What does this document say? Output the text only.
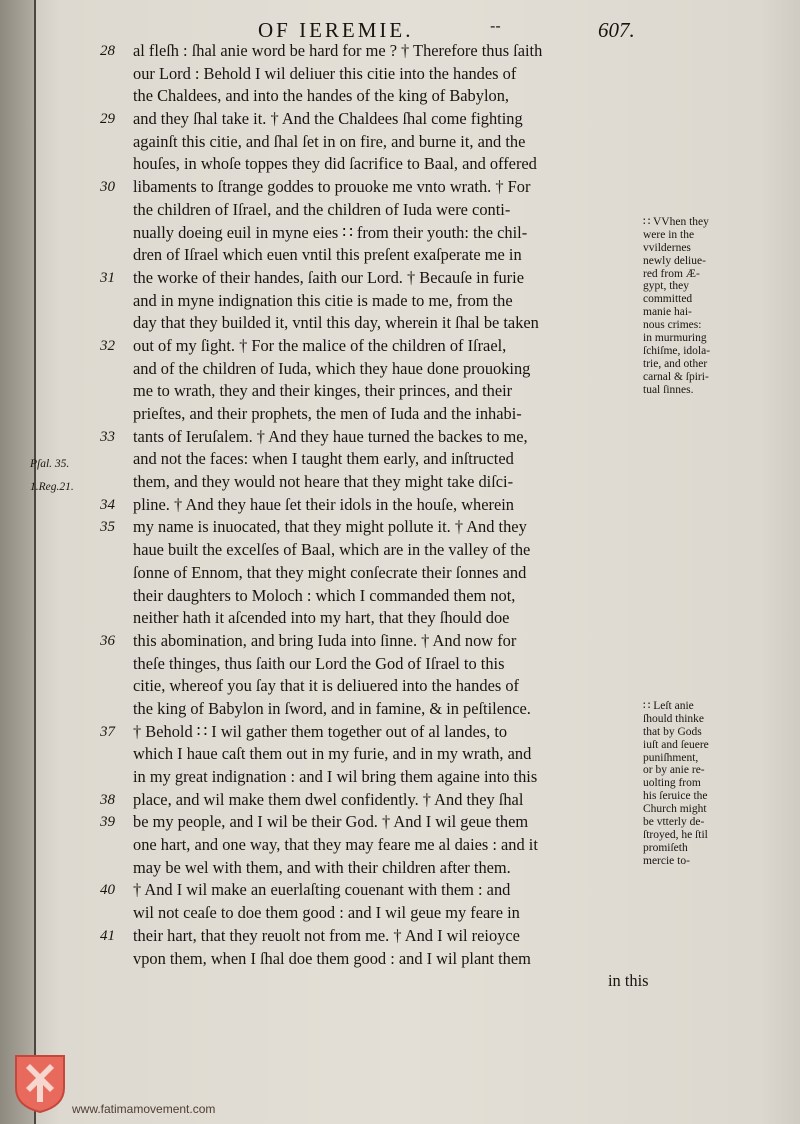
OF IEREMIE.	--	607.
28	al fleſh : ſhal anie word be hard for me ? † Therefore thus ſaith
our Lord : Behold I wil deliuer this citie into the handes of
the Chaldees, and into the handes of the king of Babylon,
29	and they ſhal take it. † And the Chaldees ſhal come fighting
againſt this citie, and ſhal ſet in on fire, and burne it, and the
houſes, in whoſe toppes they did ſacrifice to Baal, and offered
30	libaments to ſtrange goddes to prouoke me vnto wrath. † For
the children of Iſrael, and the children of Iuda were conti-
nually doeing euil in myne eies ∷ from their youth: the chil-
dren of Iſrael which euen vntil this preſent exaſperate me in
31	the worke of their handes, ſaith our Lord. † Becauſe in furie
and in myne indignation this citie is made to me, from the
day that they builded it, vntil this day, wherein it ſhal be taken
32	out of my ſight. † For the malice of the children of Iſrael,
and of the children of Iuda, which they haue done prouoking
me to wrath, they and their kinges, their princes, and their
prieſtes, and their prophets, the men of Iuda and the inhabi-
33	tants of Ieruſalem. † And they haue turned the backes to me,
and not the faces: when I taught them early, and inſtructed
them, and they would not heare that they might take diſci-
34	pline. † And they haue ſet their idols in the houſe, wherein
35	my name is inuocated, that they might pollute it. † And they
haue built the excelſes of Baal, which are in the valley of the
ſonne of Ennom, that they might conſecrate their ſonnes and
their daughters to Moloch : which I commanded them not,
neither hath it aſcended into my hart, that they ſhould doe
36	this abomination, and bring Iuda into ſinne. † And now for
theſe thinges, thus ſaith our Lord the God of Iſrael to this
citie, whereof you ſay that it is deliuered into the handes of
the king of Babylon in ſword, and in famine, & in peſtilence.
37	† Behold ∷ I wil gather them together out of al landes, to
which I haue caſt them out in my furie, and in my wrath, and
in my great indignation : and I wil bring them againe into this
38	place, and wil make them dwel confidently. † And they ſhal
39	be my people, and I wil be their God. † And I wil geue them
one hart, and one way, that they may feare me al daies : and it
may be wel with them, and with their children after them.
40	† And I wil make an euerlaſting couenant with them : and
wil not ceaſe to doe them good : and I wil geue my feare in
41	their hart, that they reuolt not from me. † And I wil reioyce
vpon them, when I ſhal doe them good : and I wil plant them
in this
Pſal. 35.
1.Reg.21.
∷ VVhen they
were in the
vvildernes
newly deliue-
red from Æ-
gypt, they
committed
manie hai-
nous crimes:
in murmuring
ſchiſme, idola-
trie, and other
carnal & ſpiri-
tual ſinnes.
∷ Leſt anie
ſhould thinke
that by Gods
iuſt and ſeuere
puniſhment,
or by anie re-
uolting from
his ſeruice the
Church might
be vtterly de-
ſtroyed, he ſtil
promiſeth
mercie to-
www.fatimamovement.com
